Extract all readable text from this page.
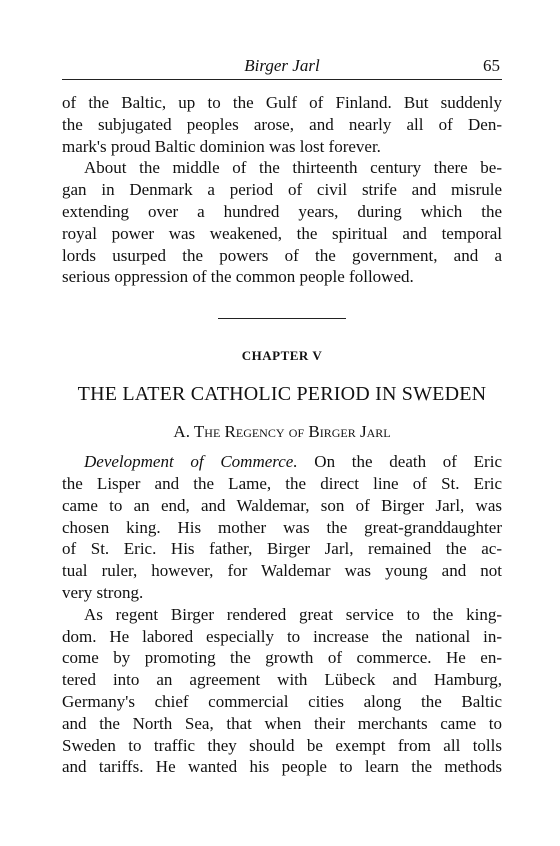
Birger Jarl	65
of the Baltic, up to the Gulf of Finland. But suddenly
the subjugated peoples arose, and nearly all of Den-
mark's proud Baltic dominion was lost forever.
About the middle of the thirteenth century there be-
gan in Denmark a period of civil strife and misrule
extending over a hundred years, during which the
royal power was weakened, the spiritual and temporal
lords usurped the powers of the government, and a
serious oppression of the common people followed.
CHAPTER V
THE LATER CATHOLIC PERIOD IN SWEDEN
A. The Regency of Birger Jarl
Development of Commerce. On the death of Eric
the Lisper and the Lame, the direct line of St. Eric
came to an end, and Waldemar, son of Birger Jarl, was
chosen king. His mother was the great-granddaughter
of St. Eric. His father, Birger Jarl, remained the ac-
tual ruler, however, for Waldemar was young and not
very strong.
As regent Birger rendered great service to the king-
dom. He labored especially to increase the national in-
come by promoting the growth of commerce. He en-
tered into an agreement with Lübeck and Hamburg,
Germany's chief commercial cities along the Baltic
and the North Sea, that when their merchants came to
Sweden to traffic they should be exempt from all tolls
and tariffs. He wanted his people to learn the methods
